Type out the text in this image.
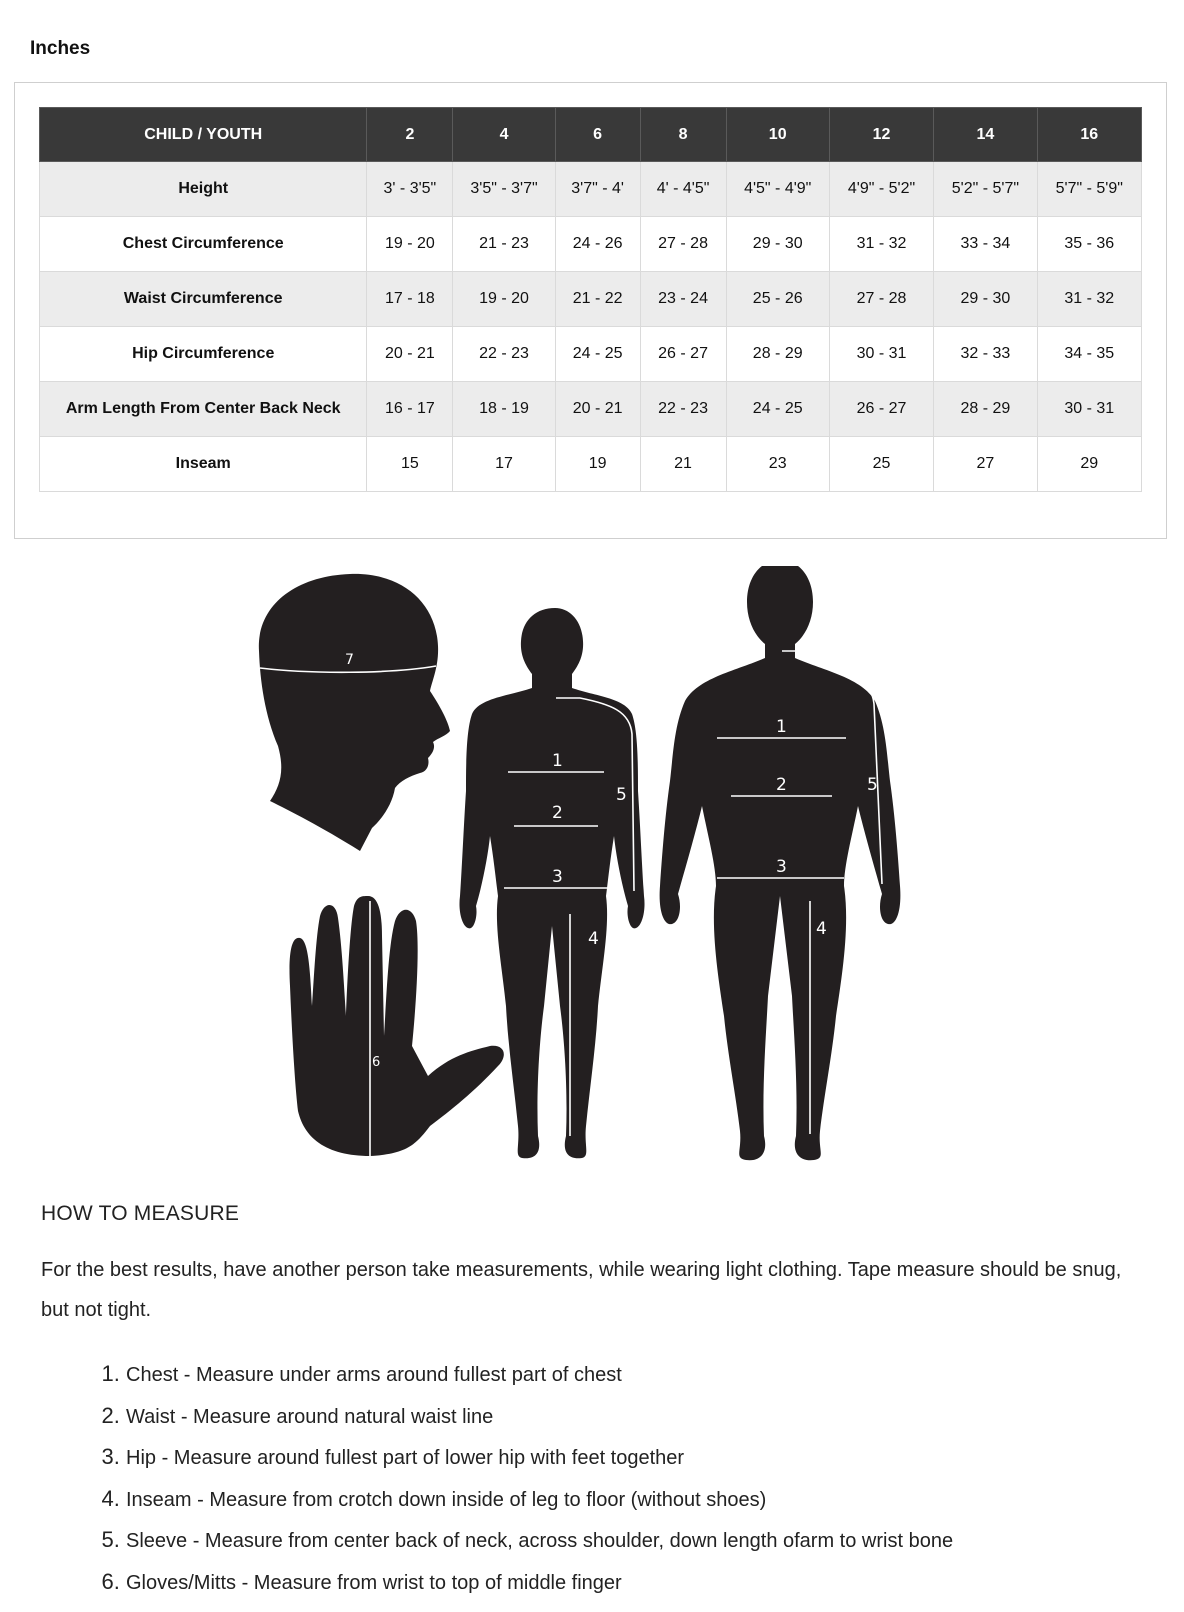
Inches
CHILD / YOUTH	2	4	6	8	10	12	14	16
Height	3' - 3'5"	3'5" - 3'7"	3'7" - 4'	4' - 4'5"	4'5" - 4'9"	4'9" - 5'2"	5'2" - 5'7"	5'7" - 5'9"
Chest Circumference	19 - 20	21 - 23	24 - 26	27 - 28	29 - 30	31 - 32	33 - 34	35 - 36
Waist Circumference	17 - 18	19 - 20	21 - 22	23 - 24	25 - 26	27 - 28	29 - 30	31 - 32
Hip Circumference	20 - 21	22 - 23	24 - 25	26 - 27	28 - 29	30 - 31	32 - 33	34 - 35
Arm Length From Center Back Neck	16 - 17	18 - 19	20 - 21	22 - 23	24 - 25	26 - 27	28 - 29	30 - 31
Inseam	15	17	19	21	23	25	27	29
7
6
1
2
3
4
5
1
2
3
4
5
HOW TO MEASURE
For the best results, have another person take measurements, while wearing light clothing. Tape measure should be snug, but not tight.
1. Chest - Measure under arms around fullest part of chest
2. Waist - Measure around natural waist line
3. Hip - Measure around fullest part of lower hip with feet together
4. Inseam - Measure from crotch down inside of leg to floor (without shoes)
5. Sleeve - Measure from center back of neck, across shoulder, down length ofarm to wrist bone
6. Gloves/Mitts - Measure from wrist to top of middle finger
